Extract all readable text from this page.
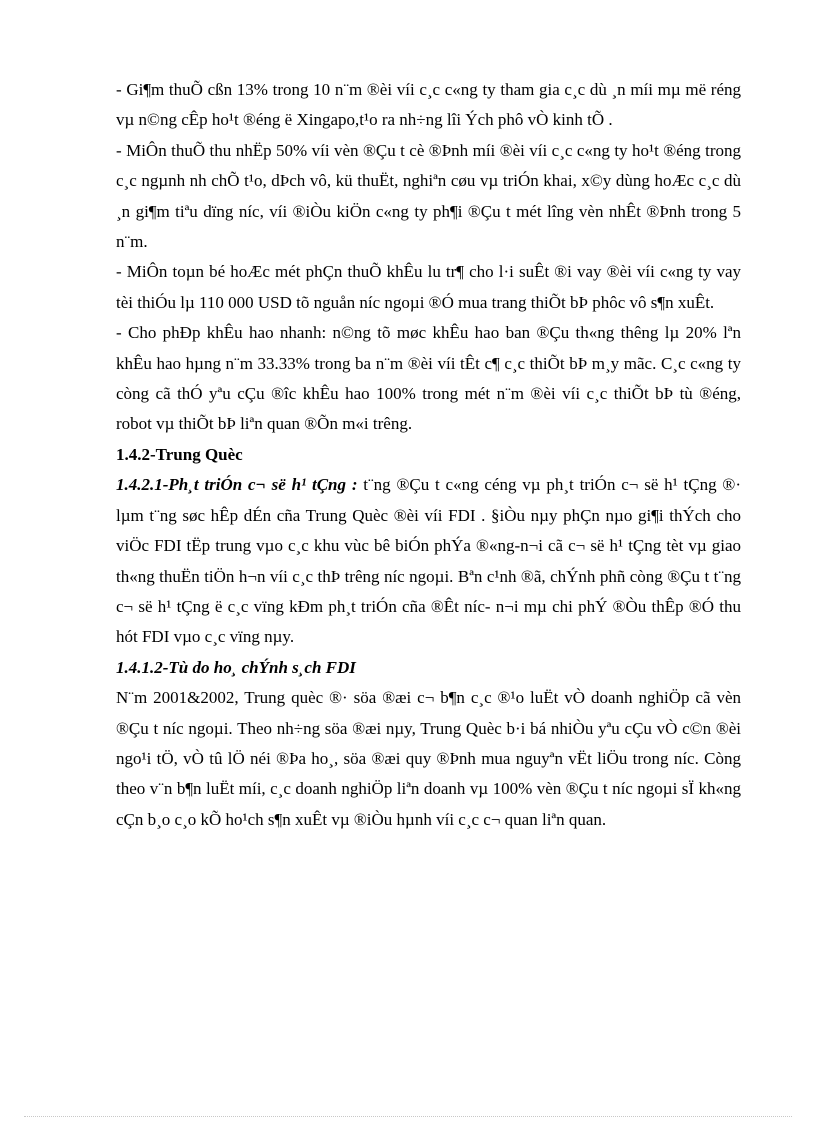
- Gi¶m thuÕ cßn 13% trong 10 n¨m ®èi víi c¸c c«ng ty tham gia c¸c dù ¸n míi mµ më réng vµ n©ng cÊp ho¹t ®éng ë Xingapo,t¹o ra nh÷ng lîi Ých phô vÒ kinh tÕ .

- MiÔn thuÕ thu nhËp 50% víi vèn ®Çu t cè ®Þnh míi ®èi víi c¸c c«ng ty ho¹t ®éng trong c¸c ngµnh nh chÕ t¹o, dÞch vô, kü thuËt, nghiªn cøu vµ triÓn khai, x©y dùng hoÆc c¸c dù ¸n gi¶m tiªu dïng níc, víi ®iÒu kiÖn c«ng ty ph¶i ®Çu t mét lîng vèn nhÊt ®Þnh trong 5 n¨m.

- MiÔn toµn bé hoÆc mét phÇn thuÕ khÊu lu tr¶ cho l·i suÊt ®i vay ®èi víi c«ng ty vay tèi thiÓu lµ 110 000 USD tõ nguån níc ngoµi ®Ó mua trang thiÕt bÞ phôc vô s¶n xuÊt.

- Cho phÐp khÊu hao nhanh: n©ng tõ møc khÊu hao ban ®Çu th«ng thêng lµ 20% lªn khÊu hao hµng n¨m 33.33% trong ba n¨m ®èi víi tÊt c¶ c¸c thiÕt bÞ m¸y mãc. C¸c c«ng ty còng cã thÓ yªu cÇu ®îc khÊu hao 100% trong mét n¨m ®èi víi c¸c thiÕt bÞ tù ®éng, robot vµ thiÕt bÞ liªn quan ®Õn m«i trêng.

1.4.2-Trung Quèc

1.4.2.1-Ph¸t triÓn c¬ së h¹ tÇng : t¨ng ®Çu t c«ng céng vµ ph¸t triÓn c¬ së h¹ tÇng ®· lµm t¨ng søc hÊp dÉn cña Trung Quèc ®èi víi FDI . §iÒu nµy phÇn nµo gi¶i thÝch cho viÖc FDI tËp trung vµo c¸c khu vùc bê biÓn phÝa ®«ng-n¬i cã c¬ së h¹ tÇng tèt vµ giao th«ng thuËn tiÖn h¬n víi c¸c thÞ trêng níc ngoµi. Bªn c¹nh ®ã, chÝnh phñ còng ®Çu t t¨ng c¬ së h¹ tÇng ë c¸c vïng kÐm ph¸t triÓn cña ®Êt níc- n¬i mµ chi phÝ ®Òu thÊp ®Ó thu hót FDI vµo c¸c vïng nµy.

1.4.1.2-Tù do ho¸ chÝnh s¸ch FDI

N¨m 2001&2002, Trung quèc ®· söa ®æi c¬ b¶n c¸c ®¹o luËt vÒ doanh nghiÖp cã vèn ®Çu t níc ngoµi. Theo nh÷ng söa ®æi nµy, Trung Quèc b·i bá nhiÒu yªu cÇu vÒ c©n ®èi ngo¹i tÖ, vÒ tû lÖ néi ®Þa ho¸, söa ®æi quy ®Þnh mua nguyªn vËt liÖu trong níc. Còng theo v¨n b¶n luËt míi, c¸c doanh nghiÖp liªn doanh vµ 100% vèn ®Çu t níc ngoµi sÏ kh«ng cÇn b¸o c¸o kÕ ho¹ch s¶n xuÊt vµ ®iÒu hµnh víi c¸c c¬ quan liªn quan.
